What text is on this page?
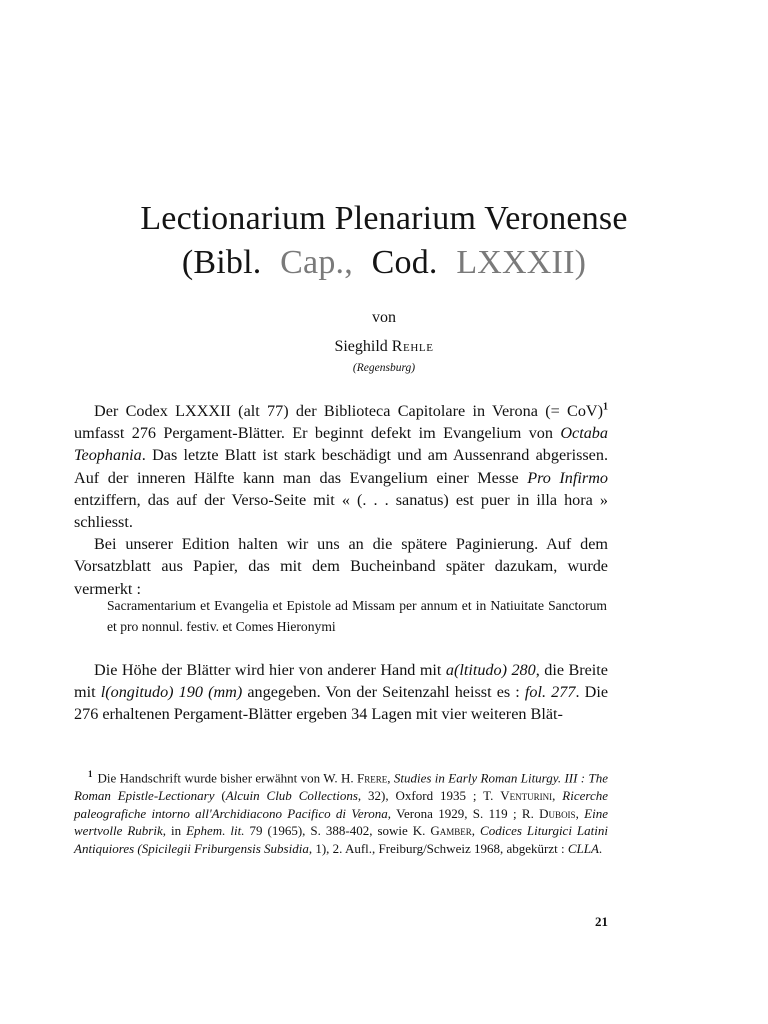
Lectionarium Plenarium Veronense
(Bibl. Cap., Cod. LXXXII)
von
Sieghild Rehle
(Regensburg)

Der Codex LXXXII (alt 77) der Biblioteca Capitolare in Verona (= CoV)$^1$ umfasst 276 Pergament-Blätter. Er beginnt defekt im Evangelium von Octaba Teophania. Das letzte Blatt ist stark beschädigt und am Aussenrand abgerissen. Auf der inneren Hälfte kann man das Evangelium einer Messe Pro Infirmo entziffern, das auf der Verso-Seite mit « (. . . sanatus) est puer in illa hora » schliesst.

Bei unserer Edition halten wir uns an die spätere Paginierung. Auf dem Vorsatzblatt aus Papier, das mit dem Bucheinband später dazukam, wurde vermerkt :

Sacramentarium et Evangelia et Epistole ad Missam per annum et in Natiuitate Sanctorum et pro nonnul. festiv. et Comes Hieronymi

Die Höhe der Blätter wird hier von anderer Hand mit a(ltitudo) 280, die Breite mit l(ongitudo) 190 (mm) angegeben. Von der Seitenzahl heisst es : fol. 277. Die 276 erhaltenen Pergament-Blätter ergeben 34 Lagen mit vier weiteren Blät-

$^1$ Die Handschrift wurde bisher erwähnt von W. H. Frere, Studies in Early Roman Liturgy. III : The Roman Epistle-Lectionary (Alcuin Club Collections, 32), Oxford 1935 ; T. Venturini, Ricerche paleografiche intorno all'Archidiacono Pacifico di Verona, Verona 1929, S. 119 ; R. Dubois, Eine wertvolle Rubrik, in Ephem. lit. 79 (1965), S. 388-402, sowie K. Gamber, Codices Liturgici Latini Antiquiores (Spicilegii Friburgensis Subsidia, 1), 2. Aufl., Freiburg/Schweiz 1968, abgekürzt : CLLA.

21
